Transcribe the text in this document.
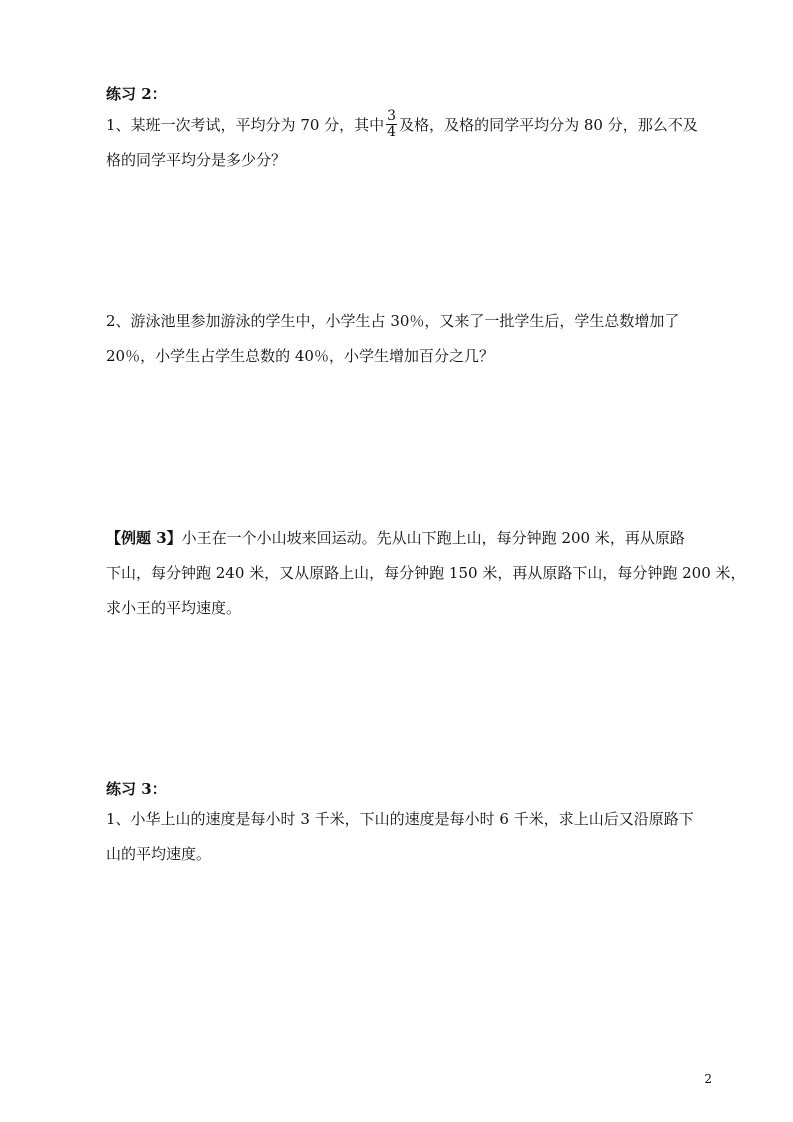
练习 2：
1、某班一次考试，平均分为 70 分，其中 $\frac{3}{4}$ 及格，及格的同学平均分为 80 分，那么不及
格的同学平均分是多少分？
2、游泳池里参加游泳的学生中，小学生占 30％，又来了一批学生后，学生总数增加了
20％，小学生占学生总数的 40％，小学生增加百分之几？
【例题 3】小王在一个小山坡来回运动。先从山下跑上山，每分钟跑 200 米，再从原路
下山，每分钟跑 240 米，又从原路上山，每分钟跑 150 米，再从原路下山，每分钟跑 200 米，
求小王的平均速度。
练习 3：
1、小华上山的速度是每小时 3 千米，下山的速度是每小时 6 千米，求上山后又沿原路下
山的平均速度。
2
